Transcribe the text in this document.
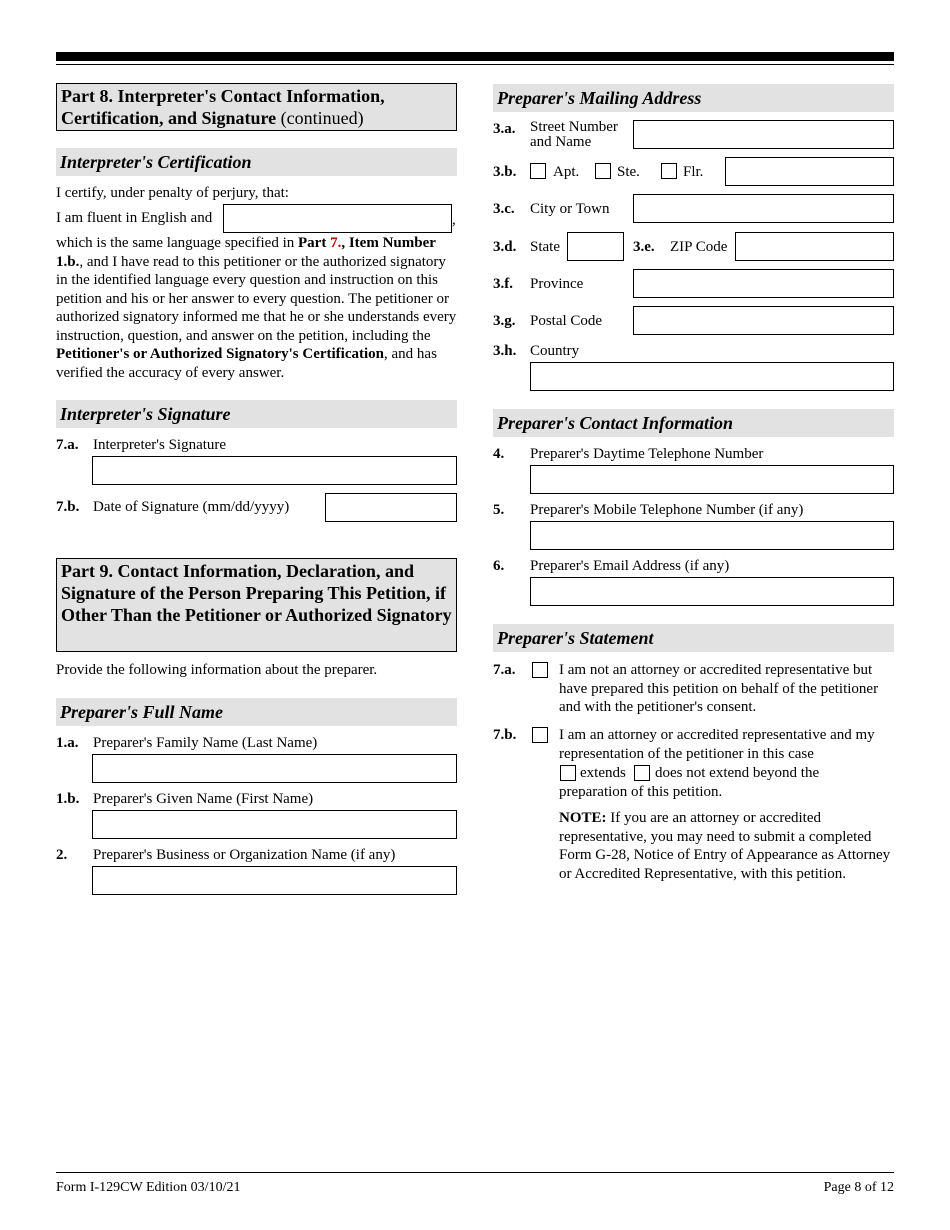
Part 8. Interpreter's Contact Information, Certification, and Signature (continued)
Interpreter's Certification
I certify, under penalty of perjury, that:
I am fluent in English and	,
which is the same language specified in Part 7., Item Number 1.b., and I have read to this petitioner or the authorized signatory in the identified language every question and instruction on this petition and his or her answer to every question. The petitioner or authorized signatory informed me that he or she understands every instruction, question, and answer on the petition, including the Petitioner's or Authorized Signatory's Certification, and has verified the accuracy of every answer.
Interpreter's Signature
7.a. Interpreter's Signature
7.b. Date of Signature (mm/dd/yyyy)
Part 9. Contact Information, Declaration, and Signature of the Person Preparing This Petition, if Other Than the Petitioner or Authorized Signatory
Provide the following information about the preparer.
Preparer's Full Name
1.a. Preparer's Family Name (Last Name)
1.b. Preparer's Given Name (First Name)
2. Preparer's Business or Organization Name (if any)
Preparer's Mailing Address
3.a. Street Number and Name
3.b. Apt.	Ste.	Flr.
3.c. City or Town
3.d. State	3.e. ZIP Code
3.f. Province
3.g. Postal Code
3.h. Country
Preparer's Contact Information
4. Preparer's Daytime Telephone Number
5. Preparer's Mobile Telephone Number (if any)
6. Preparer's Email Address (if any)
Preparer's Statement
7.a.	I am not an attorney or accredited representative but have prepared this petition on behalf of the petitioner and with the petitioner's consent.
7.b.	I am an attorney or accredited representative and my representation of the petitioner in this case
extends does not extend beyond the
preparation of this petition.
NOTE: If you are an attorney or accredited representative, you may need to submit a completed Form G-28, Notice of Entry of Appearance as Attorney or Accredited Representative, with this petition.
Form I-129CW Edition 03/10/21	Page 8 of 12
